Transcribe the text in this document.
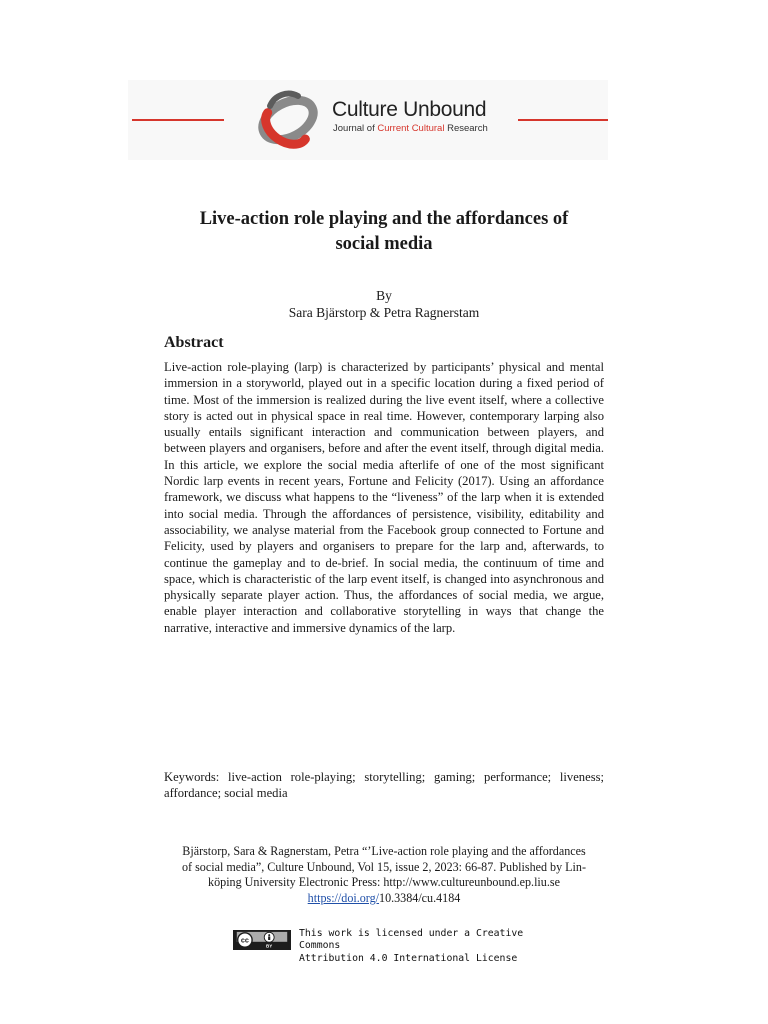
Culture Unbound
Journal of Current Cultural Research
Live-action role playing and the affordances of
social media
By
Sara Bjärstorp & Petra Ragnerstam
Abstract
Live-action role-playing (larp) is characterized by participants’ physical and mental immersion in a storyworld, played out in a specific location during a fixed period of time. Most of the immersion is realized during the live event itself, where a collective story is acted out in physical space in real time. However, contemporary larping also usually entails significant interaction and communication between players, and between players and organisers, before and after the event itself, through digital media. In this article, we explore the social media afterlife of one of the most significant Nordic larp events in recent years, Fortune and Felicity (2017). Using an affordance framework, we discuss what happens to the “liveness” of the larp when it is extended into social media. Through the affordances of persistence, visibility, editability and associability, we analyse material from the Facebook group connected to Fortune and Felicity, used by players and organisers to prepare for the larp and, afterwards, to continue the gameplay and to de-brief. In social media, the continuum of time and space, which is characteristic of the larp event itself, is changed into asynchronous and physically separate player action. Thus, the affordances of social media, we argue, enable player interaction and collaborative storytelling in ways that change the narrative, interactive and immersive dynamics of the larp.
Keywords: live-action role-playing; storytelling; gaming; performance; liveness; affordance; social media
Bjärstorp, Sara & Ragnerstam, Petra “’Live-action role playing and the affordances
of social media”, Culture Unbound, Vol 15, issue 2, 2023: 66-87. Published by Lin-
köping University Electronic Press: http://www.cultureunbound.ep.liu.se
https://doi.org/10.3384/cu.4184
cc
BY
This work is licensed under a Creative Commons
Attribution 4.0 International License
